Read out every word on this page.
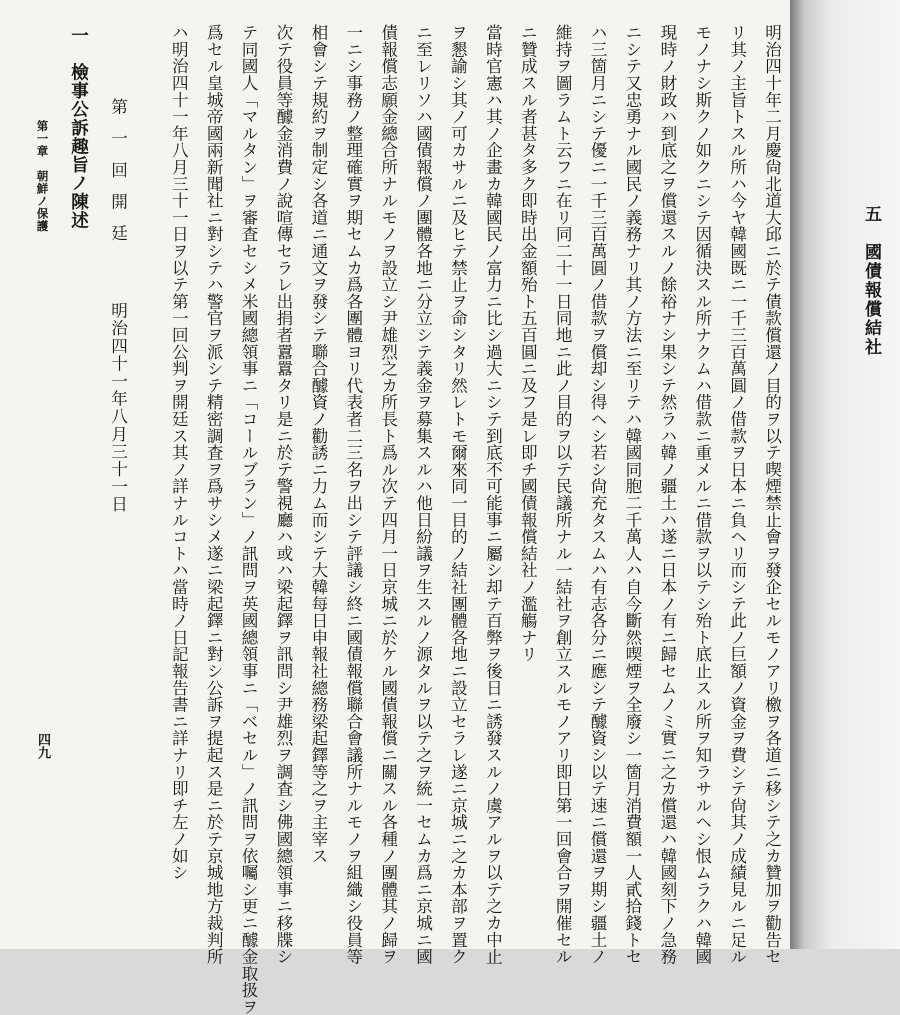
五　國債報償結社
明治四十年二月慶尙北道大邱ニ於テ債款償還ノ目的ヲ以テ喫煙禁止會ヲ發企セルモノアリ檄ヲ各道ニ移シテ之カ贊加ヲ勸告セ
リ其ノ主旨トスル所ハ今ヤ韓國既ニ一千三百萬圓ノ借款ヲ日本ニ負ヘリ而シテ此ノ巨額ノ資金ヲ費シテ尙其ノ成績見ルニ足ル
モノナシ斯クノ如クニシテ因循決スル所ナクムハ借款ニ重メルニ借款ヲ以テシ殆ト底止スル所ヲ知ラサルヘシ恨ムラクハ韓國
現時ノ財政ハ到底之ヲ償還スルノ餘裕ナシ果シテ然ラハ韓ノ疆土ハ遂ニ日本ノ有ニ歸セムノミ實ニ之カ償還ハ韓國刻下ノ急務
ニシテ又忠勇ナル國民ノ義務ナリ其ノ方法ニ至リテハ韓國同胞二千萬人ハ自今斷然喫煙ヲ全廢シ一箇月消費額一人貳拾錢トセ
ハ三箇月ニシテ優ニ一千三百萬圓ノ借款ヲ償却シ得ヘシ若シ尙充タスムハ有志各分ニ應シテ醵資シ以テ速ニ償還ヲ期シ疆土ノ
維持ヲ圖ラムト云フニ在リ同二十一日同地ニ此ノ目的ヲ以テ民議所ナル一結社ヲ創立スルモノアリ即日第一回會合ヲ開催セル
ニ贊成スル者甚タ多ク即時出金額殆ト五百圓ニ及フ是レ即チ國債報償結社ノ濫觴ナリ
當時官憲ハ其ノ企畫カ韓國民ノ富力ニ比シ過大ニシテ到底不可能事ニ屬シ却テ百弊ヲ後日ニ誘發スルノ虞アルヲ以テ之カ中止
ヲ懇諭シ其ノ可カサルニ及ヒテ禁止ヲ命シタリ然レトモ爾來同一目的ノ結社團體各地ニ設立セラレ遂ニ京城ニ之カ本部ヲ置ク
ニ至レリソハ國債報償ノ團體各地ニ分立シテ義金ヲ募集スルハ他日紛議ヲ生スルノ源タルヲ以テ之ヲ統一セムカ爲ニ京城ニ國
債報償志願金總合所ナルモノヲ設立シ尹雄烈之カ所長ト爲ル次テ四月一日京城ニ於ケル國債報償ニ關スル各種ノ團體其ノ歸ヲ
一ニシ事務ノ整理確實ヲ期セムカ爲各團體ヨリ代表者二三名ヲ出シテ評議シ終ニ國債報償聯合會議所ナルモノヲ組織シ役員等
相會シテ規約ヲ制定シ各道ニ通文ヲ發シテ聯合醵資ノ勸誘ニ力ム而シテ大韓每日申報社總務梁起鐸等之ヲ主宰ス
次テ役員等醵金消費ノ說喧傳セラレ出捐者囂囂タリ是ニ於テ警視廳ハ或ハ梁起鐸ヲ訊問シ尹雄烈ヲ調査シ佛國總領事ニ移牒シ
テ同國人「マルタン」ヲ審査セシメ米國總領事ニ「コールブラン」ノ訊問ヲ英國總領事ニ「ベセル」ノ訊問ヲ依囑シ更ニ醵金取扱ヲ
爲セル皇城帝國兩新聞社ニ對シテハ警官ヲ派シテ精密調査ヲ爲サシメ遂ニ梁起鐸ニ對シ公訴ヲ提起ス是ニ於テ京城地方裁判所
ハ明治四十一年八月三十一日ヲ以テ第一回公判ヲ開廷ス其ノ詳ナルコトハ當時ノ日記報告書ニ詳ナリ即チ左ノ如シ
第一回開廷
明治四十一年八月三十一日
一　檢事公訴趣旨ノ陳述
第一章　朝鮮ノ保護
四九
